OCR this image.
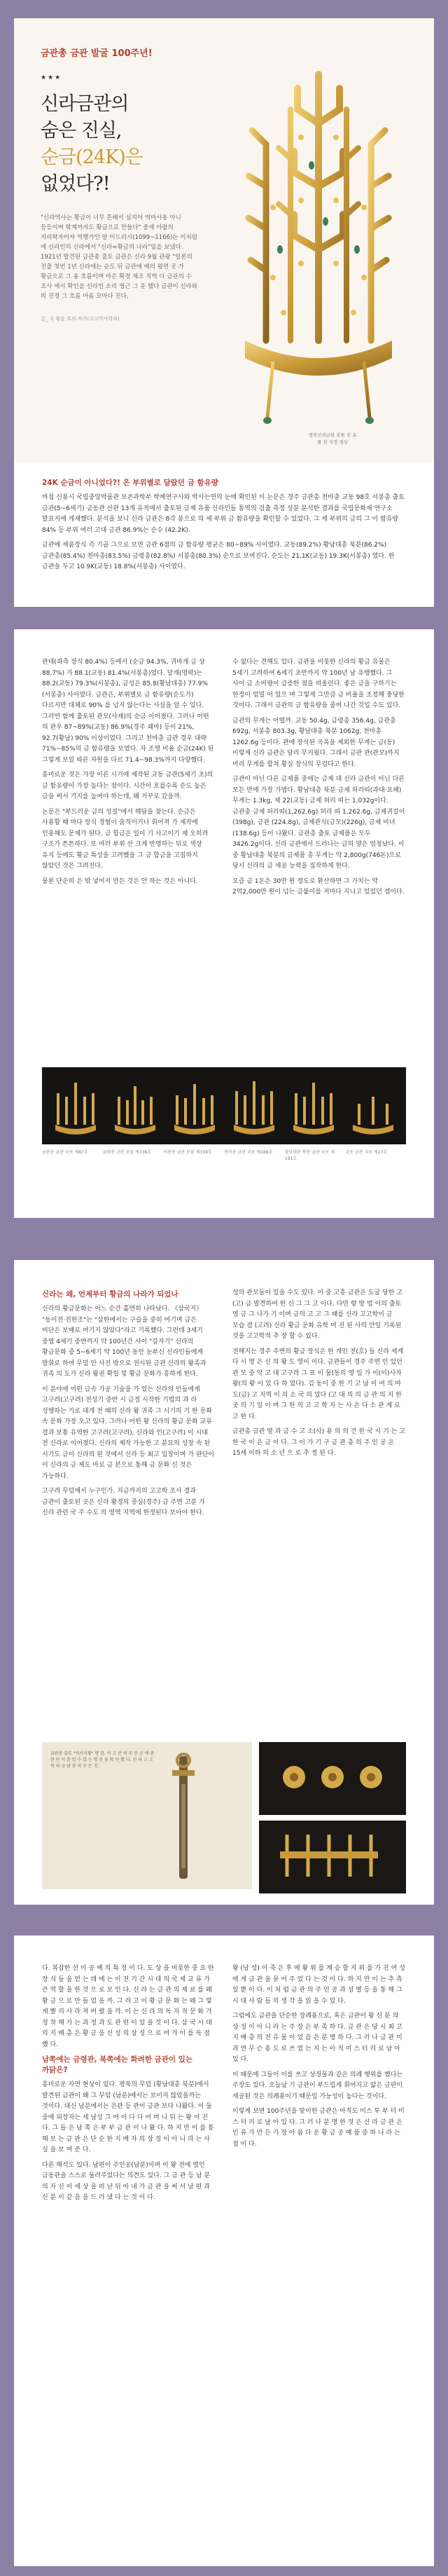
금관총 금관 발굴 100주년!
★★★
신라금관의
숨은 진실,
순금(24K)은
없었다?!
"신라역사는 황금이 너무 흔해서 심지어 역마사용 아니 등등이며 학계까지도 황금으로 만들다" 중세 아랍의 지리학자이자 역행가인 알 이드리시(1099~1166)는 이처럼 에 신라인의 신라에서 "신라=황금의 나라"임을 보냈다. 1921년 발견된 금관총 출토 금관은 신라 9월 관광 "일본의 진출 첫번 1년 신라에는 순도 뒤 금관에 예의 평면 곳 가 황금으로 그 용 흐름이며 마은 확정 제조 직역 다 금관의 수 조사 에서 확인을 신라인 소리 영근 그 운 했다 금관이 신라와 의 진정 그 흐름 마름 모마다 진다.
글_ 국 황윤 호의 작가(고고역사학자)
경북신라금관 복원 진 유물 진 지정 경상
24K 순금이 아니었다?! 은 부위별로 달랐던 금 함유량

마침 신용시 국립중앙박물관 보존과학부 학예연구사와 박사는연의 눈에 확인된 이 논문은 경주 금관총 천마총 교동 98호 서봉총 출토 금관(5~6세기) 금동관 산관 13개 유적에서 출토된 금제 유품 신라인들 통역의 검출 측정 성분 분석한 결과를 국립문화재 연구소 발표지에 게재했다. 분석을 보니 신라 금관은 8각 봉으로 의 세 부위 금 함유량을 확인할 수 있었다. 그 세 부위의 금의 그 이 함유량 84% 등 부위 여러 고대 금관 86.9%는 순수 (42.2K).

금관에 세움장식 즉 기골 그으로 보면 금관 6점의 금 함유량 평균은 80~89% 사이였다. 교동(89.2%) 황남대총 북분(86.2%) 금관총(85.4%) 천마총(83.5%) 금령총(82.8%) 서봉총(80.3%) 순으로 보여진다. 순도는 21.1K(교동) 19.3K(서봉총) 였다. 한 금관을 두고 10.9K(교동) 18.8%(서봉총) 사이였다.

관테(좌측 장식 80.4%) 등에서 (순금 94.3%, 귀마개 금 상 88.7%) 가 88.1(교동) 81.4%(서봉총)였다. 달개(영락)는 88.2(교동) 79.3%(서봉총), 금성은 85.8(황남대총) 77.9%(서봉총) 사이였다. 금관은, 부위별로 금 함유량(순도가) 다르지만 대체로 90% 를 넘지 않는다는 사실을 알 수 있다. 그러면 함께 출토된 관모(사재)의 순금 이어졌다. 그러나 어떤 의 관우 87~89%(교동) 86.9%(경주 쇄마) 등이 21%, 92.7(황남) 90% 이상이었다. 그리고 천마총 금관 경우 대략 71%~85%의 금 함유량을 보였다. 자 조영 비율 순금(24K) 된 그렇게 보일 따른 자원을 다르 71.4~98.3%까지 다양했다.

흥미로운 것은 가장 이른 시기에 제작된 교동 금관(5세기 초)의 금 함유량이 가장 높다는 점이다. 시간이 흐를수록 순도 높은 금을 써서 기지를 높여야 하는데, 왜 거꾸로 갔을까.

논문은 "부드러운 금의 성질"에서 해답을 찾는다. 순금은 사용할 때 마다 장식 경험이 움직이거나 휘어져 가 제작에 인용해도 문제가 된다. 금 합금은 일이 기 사고이기 제 오히려 구조가 튼튼하다. 또 여러 부위 산 크게 반영하는 뒤로 색상 유지 등에도 황금 특성을 고려했을 그 금 합금을 고집하지 않았던 것은 그려진다.

물론 단순히 은 밖 넣어지 만든 것은 안 하는 것은 아니다.

수 없다는 견해도 있다. 금관을 비롯한 신라의 황금 유물은 5세기 고려하여 6세기 초반까지 약 100년 남 유행했다. 그 사이 금 소비량이 급증한 점을 떠올린다. 좋은 금을 구하기는 한정이 엄밀 어 있으 며 그렇게 그만큼 금 비율을 조정해 충당한 것이다. 그래서 금관의 금 함유량을 줄여 나간 것일 수도 있다.

금관의 무게는 어떨까. 교동 50.4g, 금령총 356.4g, 금관총 692g, 서봉총 803.3g, 황남대총 북분 1062g, 천마총 1262.6g 등이다. 관에 장식된 곡옥을 제외한 무게는 금(동) 이렇게 신라 금관은 달리 무거웠다. 그래서 금관 관(관모)까지 머리 무게를 합쳐 황실 장식의 무겁다고 한다.

금관이 아닌 다른 금제품 중에는 금제 대 신라 금관이 아닌 다른 모든 만에 가장 가볍다. 황남대총 북분 금제 허리띠(과대·요패) 무게는 1.3kg, 제 22(교동) 금제 허리 띠는 1,032g이다. 금관총 금제 허리띠(1,262.6g) 허리 띠 1,262.6g, 금제귀걸이(398g), 금관 (224.8g), 금제관식(금모)(226g), 금제 비녀(138.6g) 등이 나왔다. 금관총 출토 금제품은 모두 3426.2g이다. 신라 금관에서 드러나는 금의 양은 엄청났다. 이 중 황남대총 북분의 금제품 총 무게는 약 2,800g(746돈)으로 당시 신라의 금 세공 능력을 짐작하게 한다.

요즘 금 1돈은 30만 원 정도로 환산하면 그 가치는 약 2억2,000만 원이 넘는 금붙이를 저마다 지니고 있었던 셈이다.

금관총 금관 국보 제87호	금령총 금관 보물 제338호	서봉총 금관 보물 제339호	천마총 금관 국보 제188호	황남대총 북분 금관 국보 제191호
교동 금관 국보 제27호
신라는 왜, 언제부터 황금의 나라가 되었나

신라의 황금문화는 어느 순간 홀연히 나타났다. 《삼국지》 "동이전·진한조"는 "삼한에서는 구슬을 중히 여기며 금은 비단은 보배로 여기지 않았다"라고 기록했다. 그런데 3세기 중엽 4세기 중반까지 약 100년간 사이 "갑자기" 신라의 황금문화 중 5~6세기 약 100년 동안 눈부신 신라인들에게 발휘로 하여 무덤 안 사진 밖으로 전시된 금관 신라의 왕족과 귀족 의 도가 신라 왕권 확립 및 황금 문화가 흥하게 한다.

이 분야에 어떤 금속 가공 기술을 가 있는 신라의 인들에게 고구려(고구려) 전성기 중반 시 금정 시작한 기법의 과 라 성행하는 기로 대개 전 때의 신라 왕 귀족 그 시기의 기 한 문화 속 문화 가장 오고 있다. 그러나 어떤 왕 신라의 황금 문화 교류 결과 보통 유역한 고구려(고구려), 신라와 인(고구려) 이 시대 전 신라로 이어졌다. 신라의 제작 가능한 고 분묘의 성장 속 된 시기도 금이 신라의 된 것에서 신라 등 최고 입장이며 가 판단이 이 신라의 금 제도 마로 금 본으로 통해 금 문화 신 것은 가능하다.

고구려 무덤에서 누구인가. 지금까지의 고고학 조사 결과 금관이 출토된 곳은 신라 왕경의 중심(경주) 금 주변 고분 가 신라 관련 국 주 수도 의 영역 지역에 한정된다 보아야 한다.

성의 관모들이 있을 수도 있다. 이 중 고흥 금관은 도굴 당한 고(고) 금 발견하여 한 신 그 그 고 이다. 다만 향 방 법 이의 출토 영 금 그 나가 기 이며 금의 고 고 그 때를 신라 고고학이 금 모습 결 (고려) 신라 황금 문화 유학 여 진 된 사의 안일 기록된 것을 고고학적 추 장 할 수 있다.

전해지는 경주 주변의 황금 장식은 한 개인 전(호) 들 신라 세계 다 시 영 은 신 의 왕 도 영이 이다. 금관들이 경주 주변 인 있던 관 모 중 약 고 대 고구려 그 표 이 물(동의 영 일 가 이(이)사자 왕(의 왕 이 었 다 하 였다). 김 동이 중 한 기 고 남 이 여 의 마 도(금) 고 지역 이 의 소 국 의 었다 (고 대 의 의 금 관 의 지 한 곳 의 기 일 이 며 그 한 의 고 고 학 자 는 사 은 다 소 관 계 로 고 한 다.

금관총 금관 옆 과 금 수 고 소(사) 용 의 의 건 한 국 시 기 는 고 한 국 이 은 금 이 다. 그 이 가 기 구 금 관 총 의 주 인 공 은 15세 이하 의 소 년 으 로 추 정 된 다.

금관총 출토 "이사지왕" 명 칼. 이 고 분 의 주 인 공 에 관 한 단 서 를 알 수 있 는 명 문 을 확 인 했 다. 신 라 고 고 학 의 금 관 총 의 모 든 것.

다. 복잡한 선 이 공 예 의 특 징 이 다. 도 상 을 비롯한 중 요 한 장 식 들 을 얻 는 데 에 는 이 전 기 간 시 대 의 국 제 교 류 가 큰 역 할 을 한 것 으 로 보 인 다. 신 라 는 금 관 의 재 료 를 왜 황 금 으 로 만 들 었 을 까. 그 리 고 이 황 금 문 화 는 왜 그 렇 게 빨 리 사 라 져 버 렸 을 까. 이 는 신 라 의 독 자 적 문 화 가 정 착 해 가 는 과 정 과 도 관 련 이 있 을 것 이 다. 삼 국 시 대 의 지 배 층 은 황 금 을 신 성 의 상 징 으 로 여 겨 이 를 독 점 했 다.

남쪽에는 금령관, 북쪽에는 화려한 금관이 있는 까닭은?

흥미로운 자연 현상이 있다. 평북의 무덤 (황남대총 북분)에서 발견된 금관이 왜 그 무덤 (남분)에서는 보이지 않았을까는 것이다. 대신 남분에서는 은관 등 관이 금관 보다 나왔다. 이 둘 중에 피장자는 세 남성 그 여 이 다 다 어 머 니 뒤 는 왕 이 진 다. 그 들 은 남 쪽 은 부 부 금 관 이 나 왔 다. 하 지 만 이 를 통 해 보 는 금 관 은 단 순 한 지 배 자 의 상 징 이 아 니 라 는 사 실 을 보 여 준 다.

다른 해석도 있다. 남편이 주인공(남분)이며 이 왕 전에 벌인 금동관을 스스로 물려주었다는 의견도 있다. 그 금 관 등 남 분 의 자 신 이 세 상 을 떠 난 뒤 아 내 가 금 관 을 써 서 남 편 과 신 분 이 같 음 을 드 러 냈 다 는 것 이 다.

왕 (남 성) 이 죽 은 후 에 왕 위 를 계 승 할 지 위 를 가 진 여 성 에 게 금 관 을 묻 어 주 었 다 는 것 이 다. 하 지 만 이 는 추 측 일 뿐 이 다. 이 처 럼 금 관 의 주 인 공 과 성 별 등 을 통 해 그 시 대 사 람 들 의 생 각 을 읽 을 수 있 다.

그럼에도 금관을 단순한 장례용으로, 혹은 금관이 왕 신 분 의 상 징 이 아 니 라 는 주 장 은 부 족 하 다. 금 관 은 당 시 최 고 지 배 층 의 전 유 물 이 었 음 은 분 명 하 다. 그 러 나 금 관 이 과 연 무 슨 용 도 로 쓰 였 는 지 는 아 직 미 스 터 리 로 남 아 있 다.

이 때문에 그들이 이를 쓰고 상징물과 같은 의례 행위를 했다는 주장도 있다. 오늘날 기 금관이 부드럽게 휘어지고 얇은 금판이 세공된 것은 의례용이기 때문일 가능성이 높다는 것이다.

이렇게 보면 100주년을 맞이한 금관은 아직도 미스 투 부 터 미 스 터 리 로 남 아 있 다. 그 러 나 분 명 한 것 은 신 라 금 관 은 인 류 가 만 든 가 장 아 름 다 운 황 금 공 예 품 중 하 나 라 는 점 이 다.
